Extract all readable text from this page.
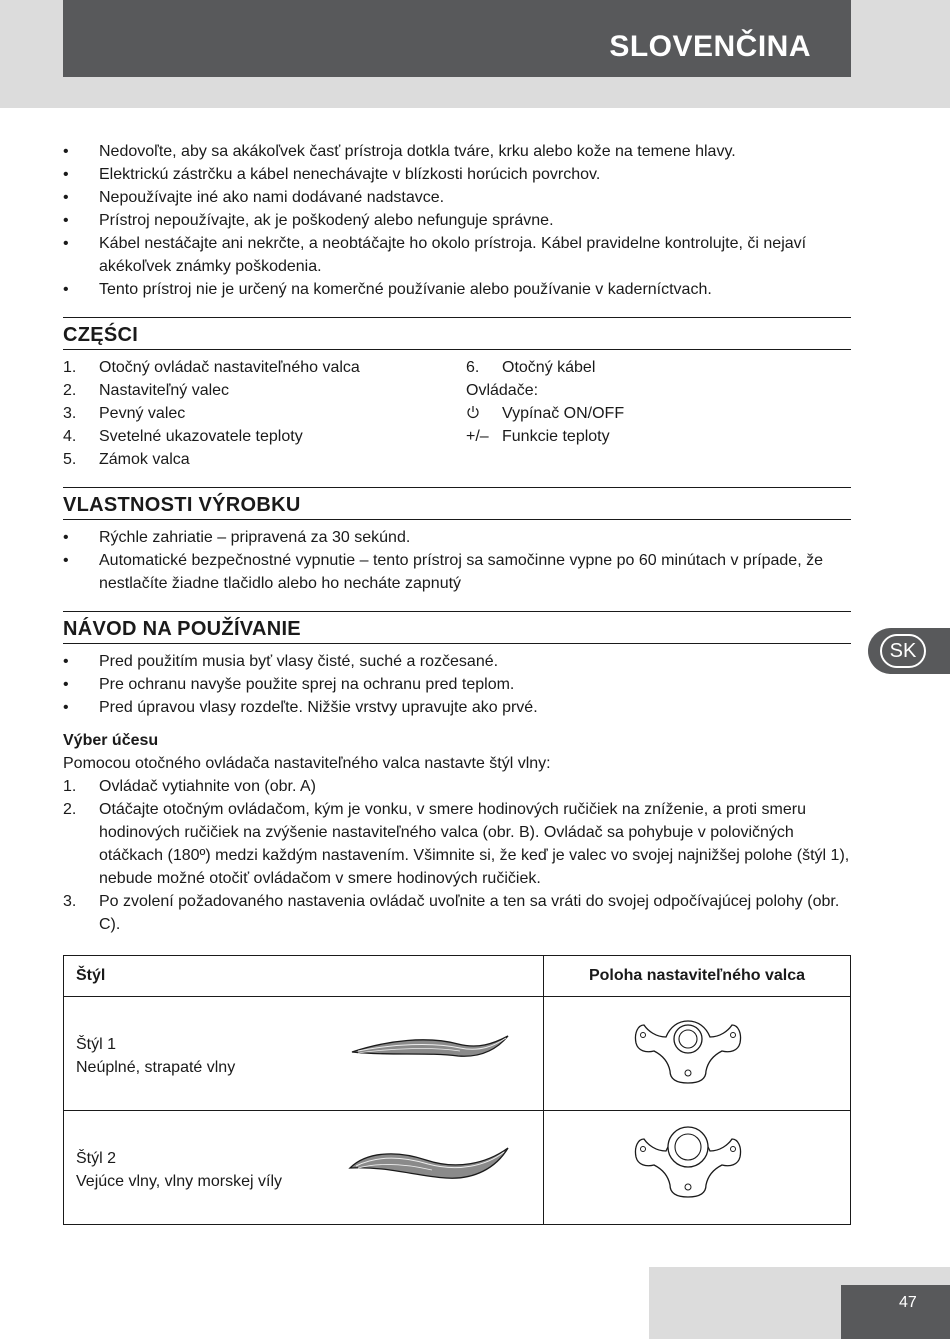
SLOVENČINA
• Nedovoľte, aby sa akákoľvek časť prístroja dotkla tváre, krku alebo kože na temene hlavy.
• Elektrickú zástrčku a kábel nenechávajte v blízkosti horúcich povrchov.
• Nepoužívajte iné ako nami dodávané nadstavce.
• Prístroj nepoužívajte, ak je poškodený alebo nefunguje správne.
• Kábel nestáčajte ani nekrčte, a neobtáčajte ho okolo prístroja. Kábel pravidelne kontrolujte, či nejaví akékoľvek známky poškodenia.
• Tento prístroj nie je určený na komerčné používanie alebo používanie v kaderníctvach.
CZĘŚCI
1.	Otočný ovládač nastaviteľného valca
2.	Nastaviteľný valec
3.	Pevný valec
4.	Svetelné ukazovatele teploty
5.	Zámok valca
6.	Otočný kábel
Ovládače:
Vypínač ON/OFF
+/– Funkcie teploty
VLASTNOSTI VÝROBKU
• Rýchle zahriatie – pripravená za 30 sekúnd.
• Automatické bezpečnostné vypnutie – tento prístroj sa samočinne vypne po 60 minútach v prípade, že nestlačíte žiadne tlačidlo alebo ho necháte zapnutý
NÁVOD NA POUŽÍVANIE
• Pred použitím musia byť vlasy čisté, suché a rozčesané.
• Pre ochranu navyše použite sprej na ochranu pred teplom.
• Pred úpravou vlasy rozdeľte. Nižšie vrstvy upravujte ako prvé.
Výber účesu
Pomocou otočného ovládača nastaviteľného valca nastavte štýl vlny:
1.	Ovládač vytiahnite von (obr. A)
2.	Otáčajte otočným ovládačom, kým je vonku, v smere hodinových ručičiek na zníženie, a proti smeru hodinových ručičiek na zvýšenie nastaviteľného valca (obr. B). Ovládač sa pohybuje v polovičných otáčkach (180º) medzi každým nastavením. Všimnite si, že keď je valec vo svojej najnižšej polohe (štýl 1), nebude možné otočiť ovládačom v smere hodinových ručičiek.
3.	Po zvolení požadovaného nastavenia ovládač uvoľnite a ten sa vráti do svojej odpočívajúcej polohy (obr. C).
Štýl	Poloha nastaviteľného valca

Štýl 1
Neúplné, strapaté vlny

Štýl 2
Vejúce vlny, vlny morskej víly

SK
47
